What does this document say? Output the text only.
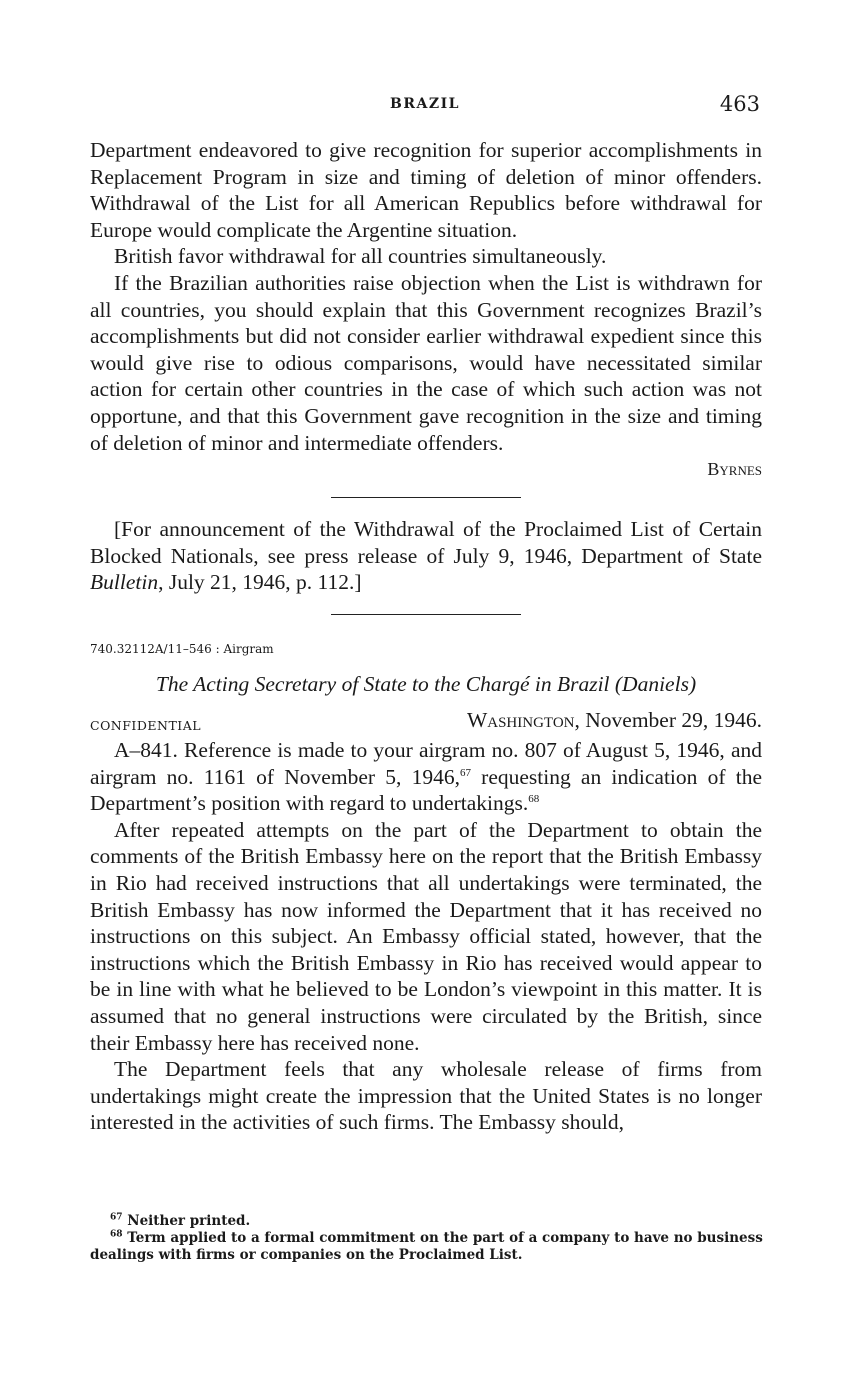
BRAZIL	463

Department endeavored to give recognition for superior accomplishments in Replacement Program in size and timing of deletion of minor offenders. Withdrawal of the List for all American Republics before withdrawal for Europe would complicate the Argentine situation.

British favor withdrawal for all countries simultaneously.

If the Brazilian authorities raise objection when the List is withdrawn for all countries, you should explain that this Government recognizes Brazil’s accomplishments but did not consider earlier withdrawal expedient since this would give rise to odious comparisons, would have necessitated similar action for certain other countries in the case of which such action was not opportune, and that this Government gave recognition in the size and timing of deletion of minor and intermediate offenders.

Byrnes

[For announcement of the Withdrawal of the Proclaimed List of Certain Blocked Nationals, see press release of July 9, 1946, Department of State Bulletin, July 21, 1946, p. 112.]

740.32112A/11–546 : Airgram

The Acting Secretary of State to the Chargé in Brazil (Daniels)

CONFIDENTIAL	Washington, November 29, 1946.

A–841. Reference is made to your airgram no. 807 of August 5, 1946, and airgram no. 1161 of November 5, 1946,67 requesting an indication of the Department’s position with regard to undertakings.$^{68}$

After repeated attempts on the part of the Department to obtain the comments of the British Embassy here on the report that the British Embassy in Rio had received instructions that all undertakings were terminated, the British Embassy has now informed the Department that it has received no instructions on this subject. An Embassy official stated, however, that the instructions which the British Embassy in Rio has received would appear to be in line with what he believed to be London’s viewpoint in this matter. It is assumed that no general instructions were circulated by the British, since their Embassy here has received none.

The Department feels that any wholesale release of firms from undertakings might create the impression that the United States is no longer interested in the activities of such firms. The Embassy should,

$^{67}$ Neither printed.

$^{68}$ Term applied to a formal commitment on the part of a company to have no business dealings with firms or companies on the Proclaimed List.
